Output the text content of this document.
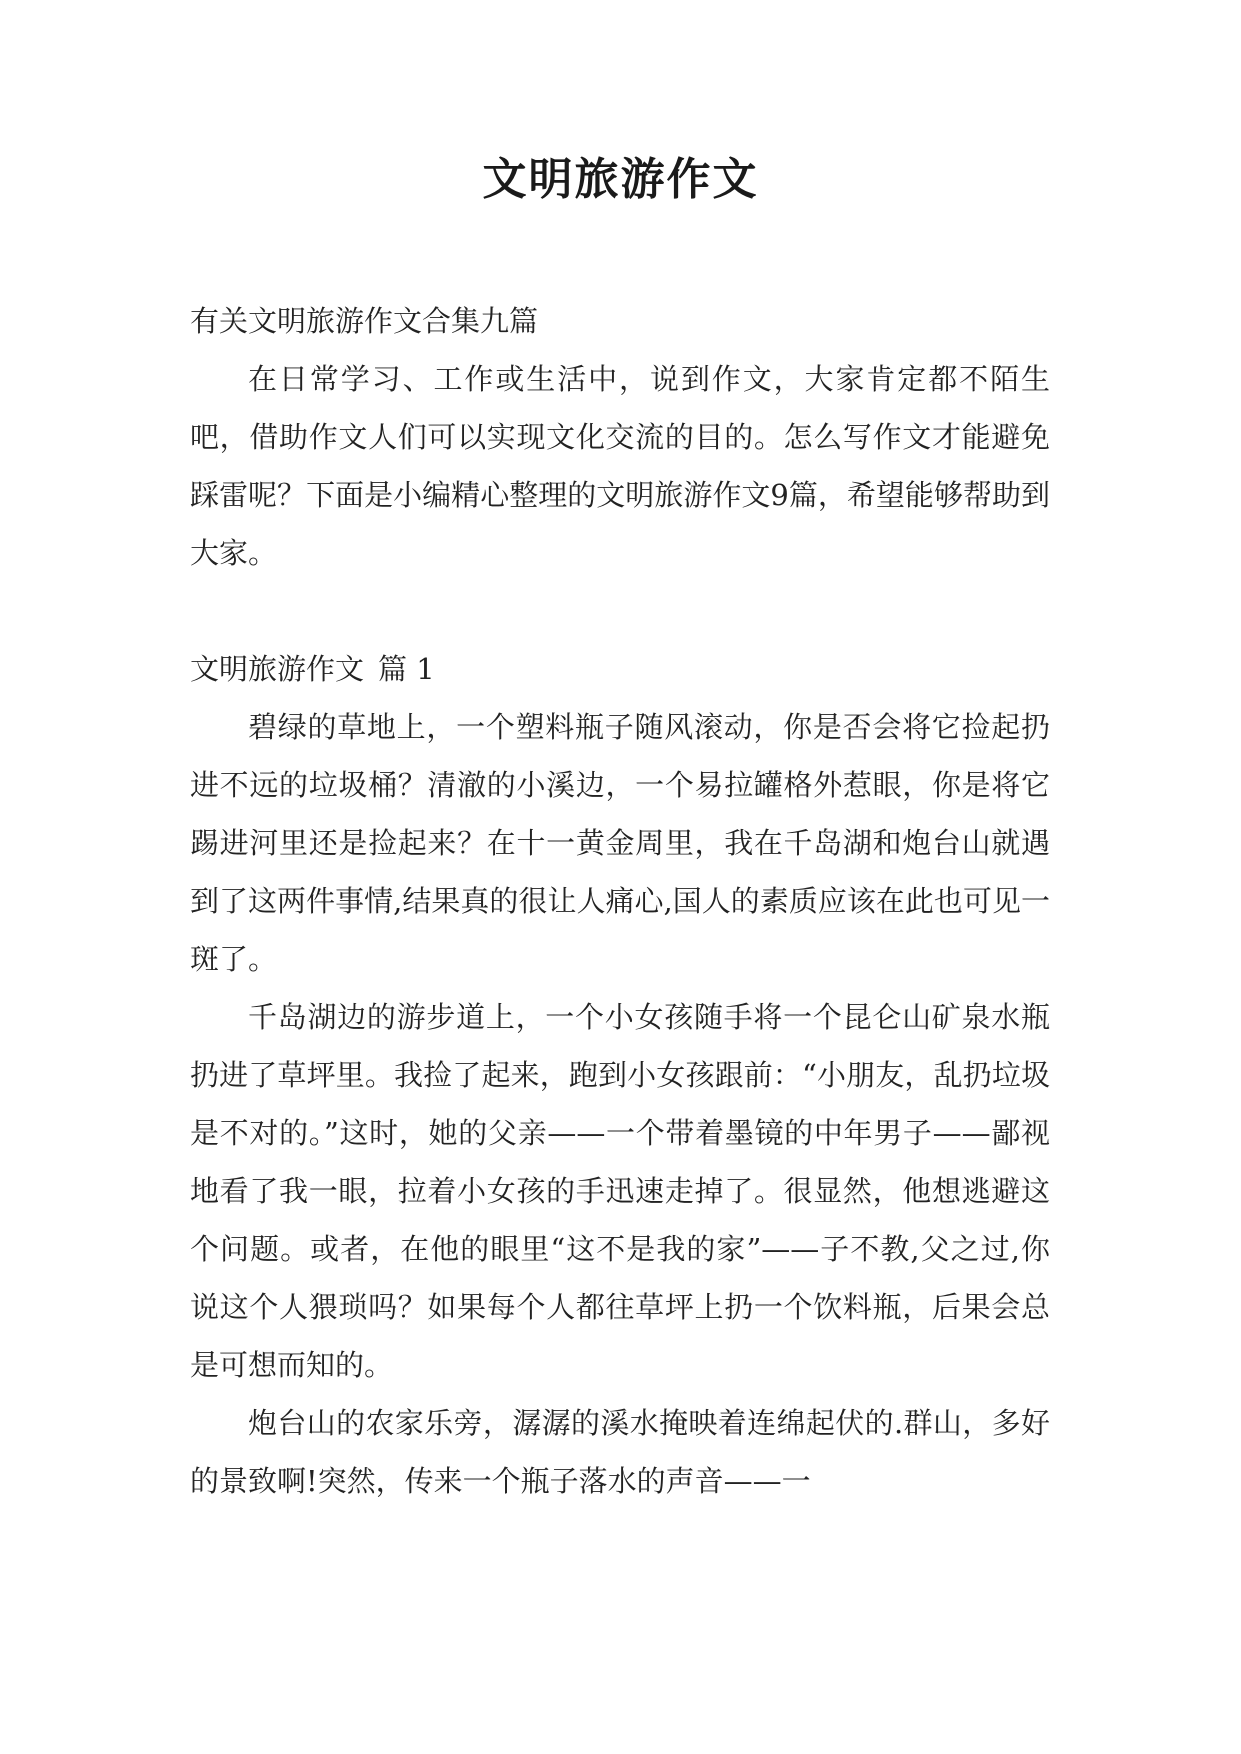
文明旅游作文

有关文明旅游作文合集九篇

在日常学习、工作或生活中，说到作文，大家肯定都不陌生吧，借助作文人们可以实现文化交流的目的。怎么写作文才能避免踩雷呢？下面是小编精心整理的文明旅游作文9篇，希望能够帮助到大家。

文明旅游作文 篇 1

碧绿的草地上，一个塑料瓶子随风滚动，你是否会将它捡起扔进不远的垃圾桶？清澈的小溪边，一个易拉罐格外惹眼，你是将它踢进河里还是捡起来？在十一黄金周里，我在千岛湖和炮台山就遇到了这两件事情,结果真的很让人痛心,国人的素质应该在此也可见一斑了。

千岛湖边的游步道上，一个小女孩随手将一个昆仑山矿泉水瓶扔进了草坪里。我捡了起来，跑到小女孩跟前：“小朋友，乱扔垃圾是不对的。”这时，她的父亲——一个带着墨镜的中年男子——鄙视地看了我一眼，拉着小女孩的手迅速走掉了。很显然，他想逃避这个问题。或者，在他的眼里“这不是我的家”——子不教,父之过,你说这个人猥琐吗？如果每个人都往草坪上扔一个饮料瓶，后果会总是可想而知的。

炮台山的农家乐旁，潺潺的溪水掩映着连绵起伏的.群山，多好的景致啊!突然，传来一个瓶子落水的声音——一
